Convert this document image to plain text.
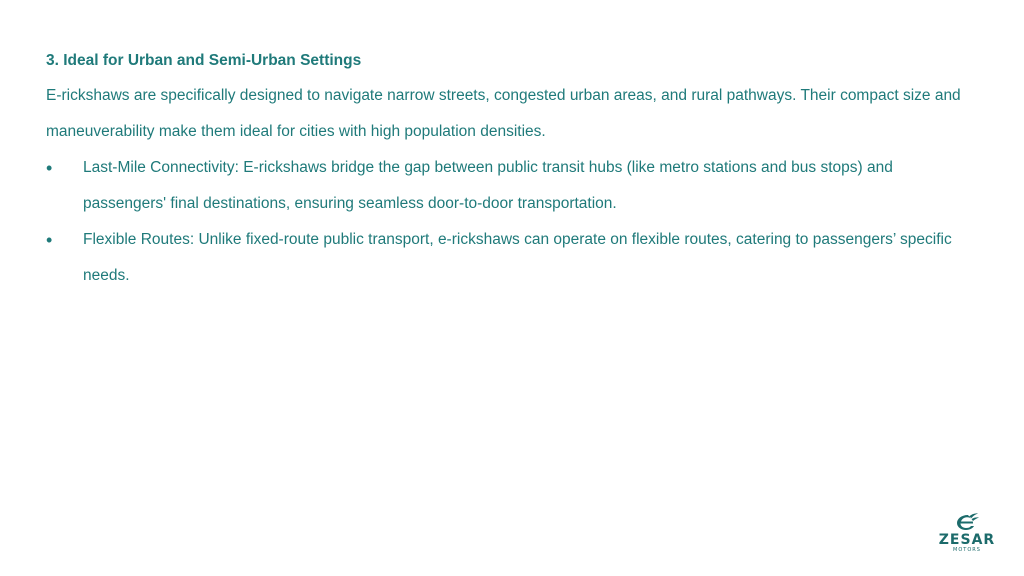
3. Ideal for Urban and Semi-Urban Settings

E-rickshaws are specifically designed to navigate narrow streets, congested urban areas, and rural pathways. Their compact size and maneuverability make them ideal for cities with high population densities.

• Last-Mile Connectivity: E-rickshaws bridge the gap between public transit hubs (like metro stations and bus stops) and passengers' final destinations, ensuring seamless door-to-door transportation.
• Flexible Routes: Unlike fixed-route public transport, e-rickshaws can operate on flexible routes, catering to passengers’ specific needs.
ZESAR
MOTORS
